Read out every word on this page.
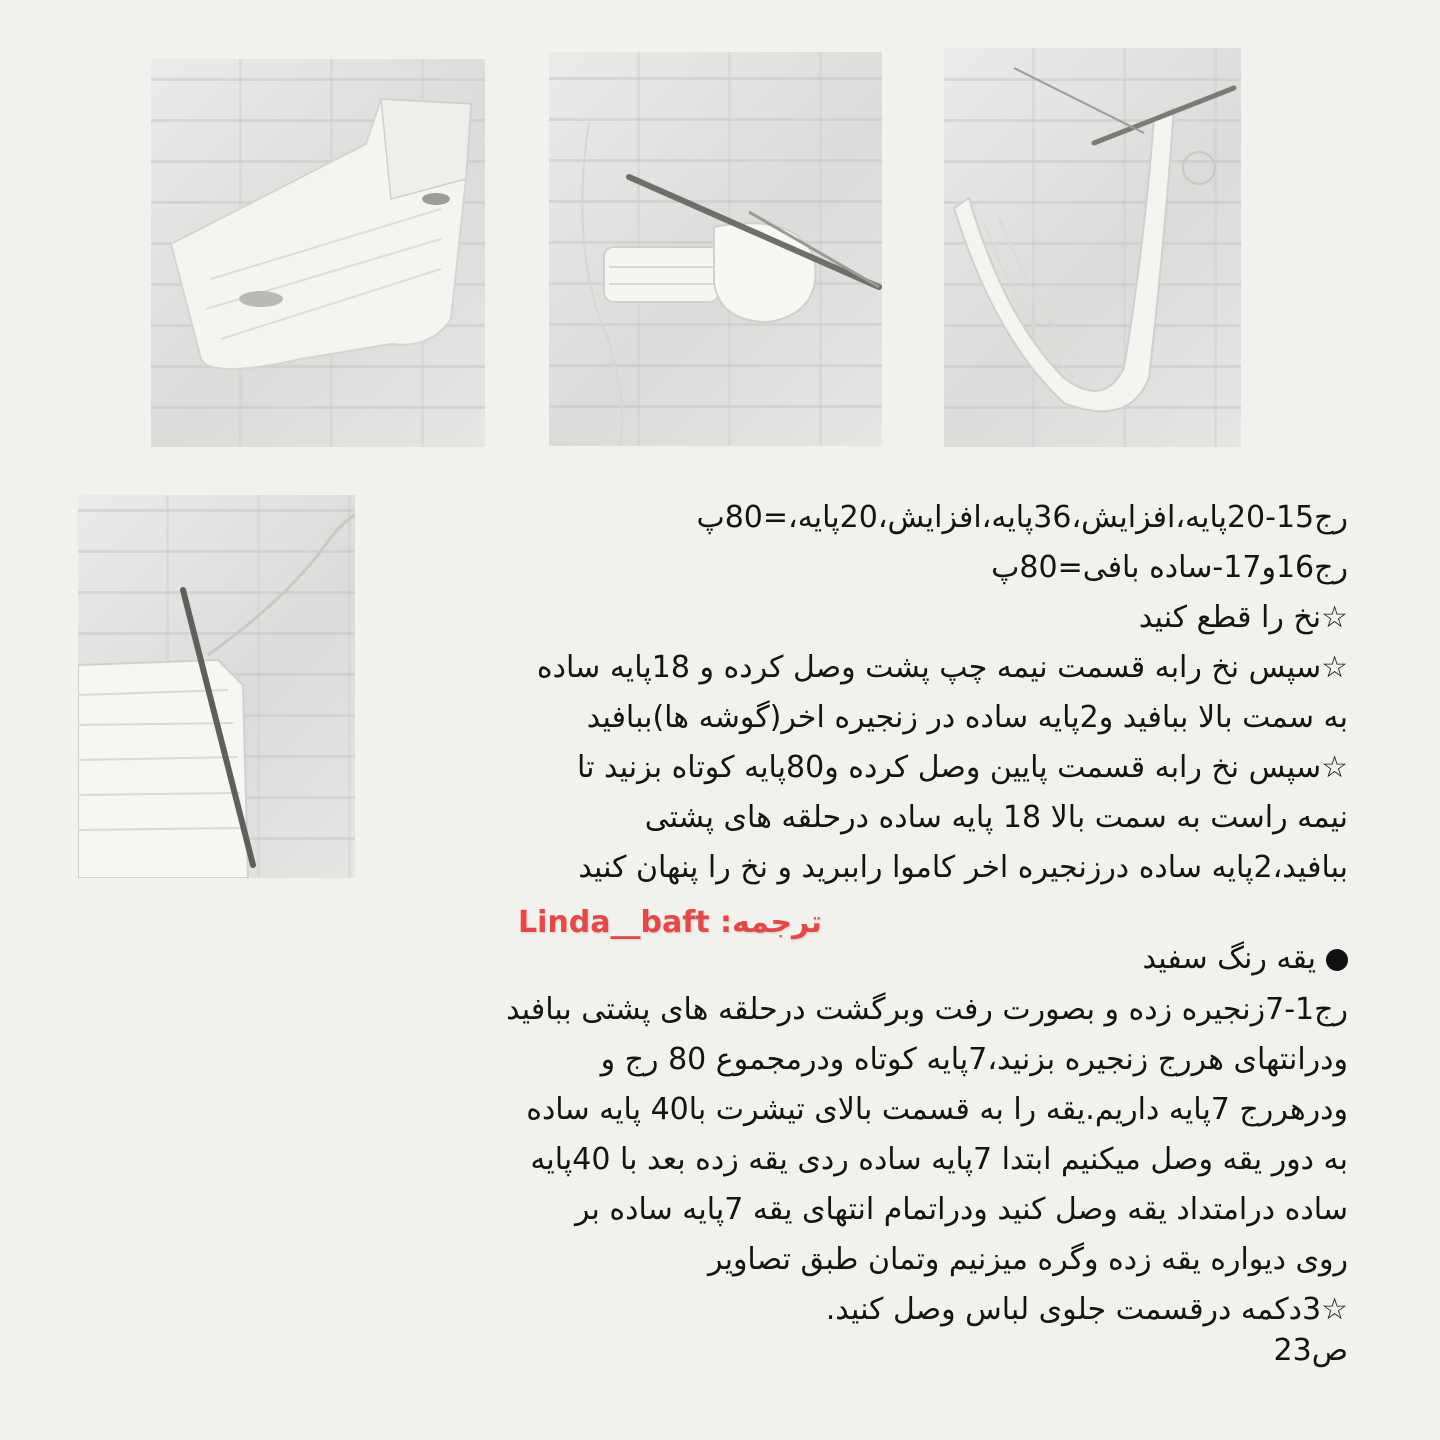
رج15-20پایه،افزایش،36پایه،افزایش،20پایه،=80پ
رج16و17-ساده بافی=80پ
☆نخ را قطع کنید
☆سپس نخ رابه قسمت نیمه چپ پشت وصل کرده و 18پایه ساده
به سمت بالا ببافید و2پایه ساده در زنجیره اخر(گوشه ها)ببافید
☆سپس نخ رابه قسمت پایین وصل کرده و80پایه کوتاه بزنید تا
نیمه راست به سمت بالا 18 پایه ساده درحلقه های پشتی
ببافید،2پایه ساده درزنجیره اخر کاموا راببرید و نخ را پنهان کنید
ترجمه: Linda__baft
یقه رنگ سفید
رج1-7زنجیره زده و بصورت رفت وبرگشت درحلقه های پشتی ببافید
ودرانتهای هررج زنجیره بزنید،7پایه کوتاه ودرمجموع 80 رج و
ودرهررج 7پایه داریم.یقه را به قسمت بالای تیشرت با40 پایه ساده
به دور یقه وصل میکنیم ابتدا 7پایه ساده ردی یقه زده بعد با 40پایه
ساده درامتداد یقه وصل کنید ودراتمام انتهای یقه 7پایه ساده بر
روی دیواره یقه زده وگره میزنیم وتمان طبق تصاویر
☆3دکمه درقسمت جلوی لباس وصل کنید.
ص23
